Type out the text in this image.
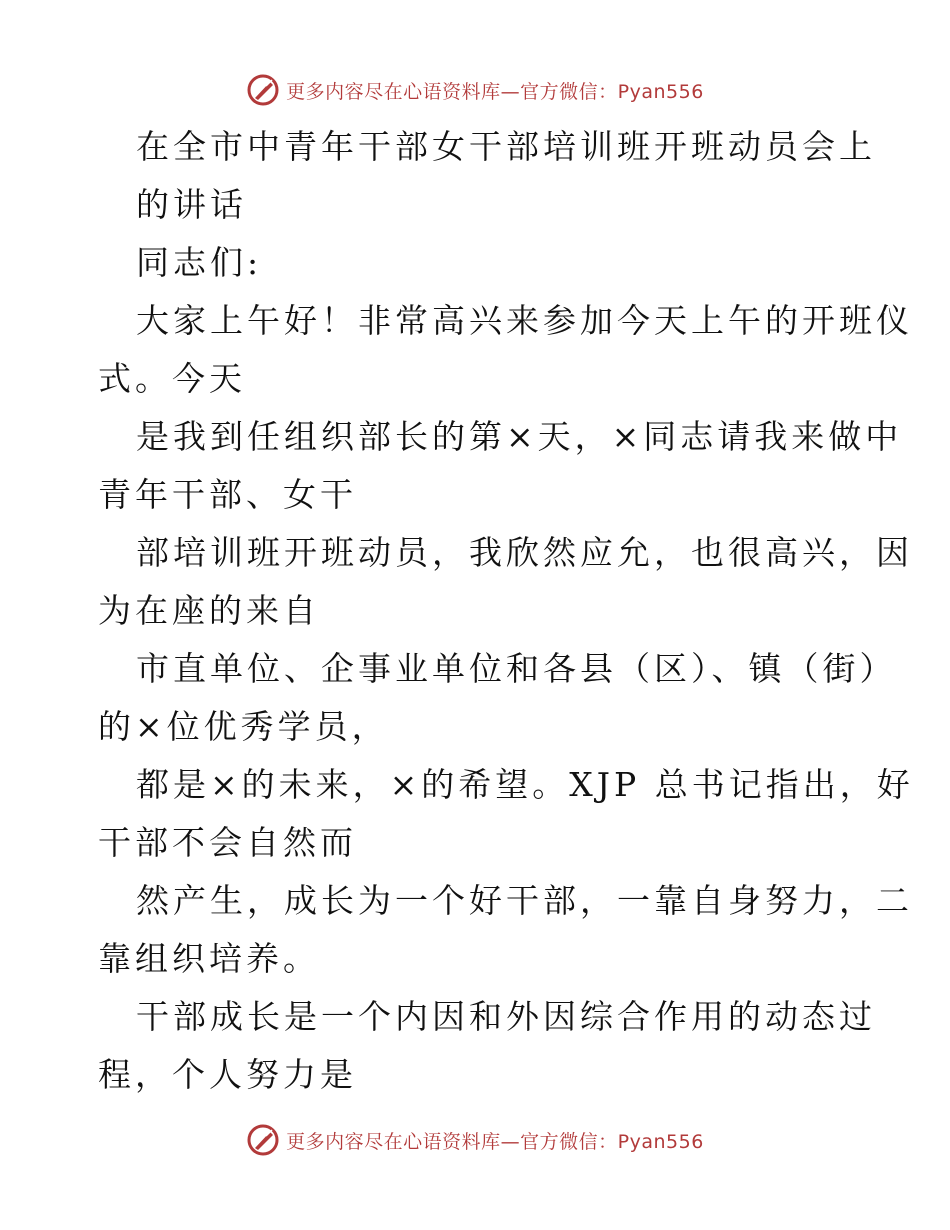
更多内容尽在心语资料库—官方微信：Pyan556
在全市中青年干部女干部培训班开班动员会上
的讲话
同志们:
大家上午好！非常高兴来参加今天上午的开班仪
式。今天
是我到任组织部长的第×天，×同志请我来做中
青年干部、女干
部培训班开班动员，我欣然应允，也很高兴，因
为在座的来自
市直单位、企事业单位和各县（区）、镇（街）
的×位优秀学员，
都是×的未来，×的希望。XJP 总书记指出，好
干部不会自然而
然产生，成长为一个好干部，一靠自身努力，二
靠组织培养。
干部成长是一个内因和外因综合作用的动态过
程，个人努力是
更多内容尽在心语资料库—官方微信：Pyan556
